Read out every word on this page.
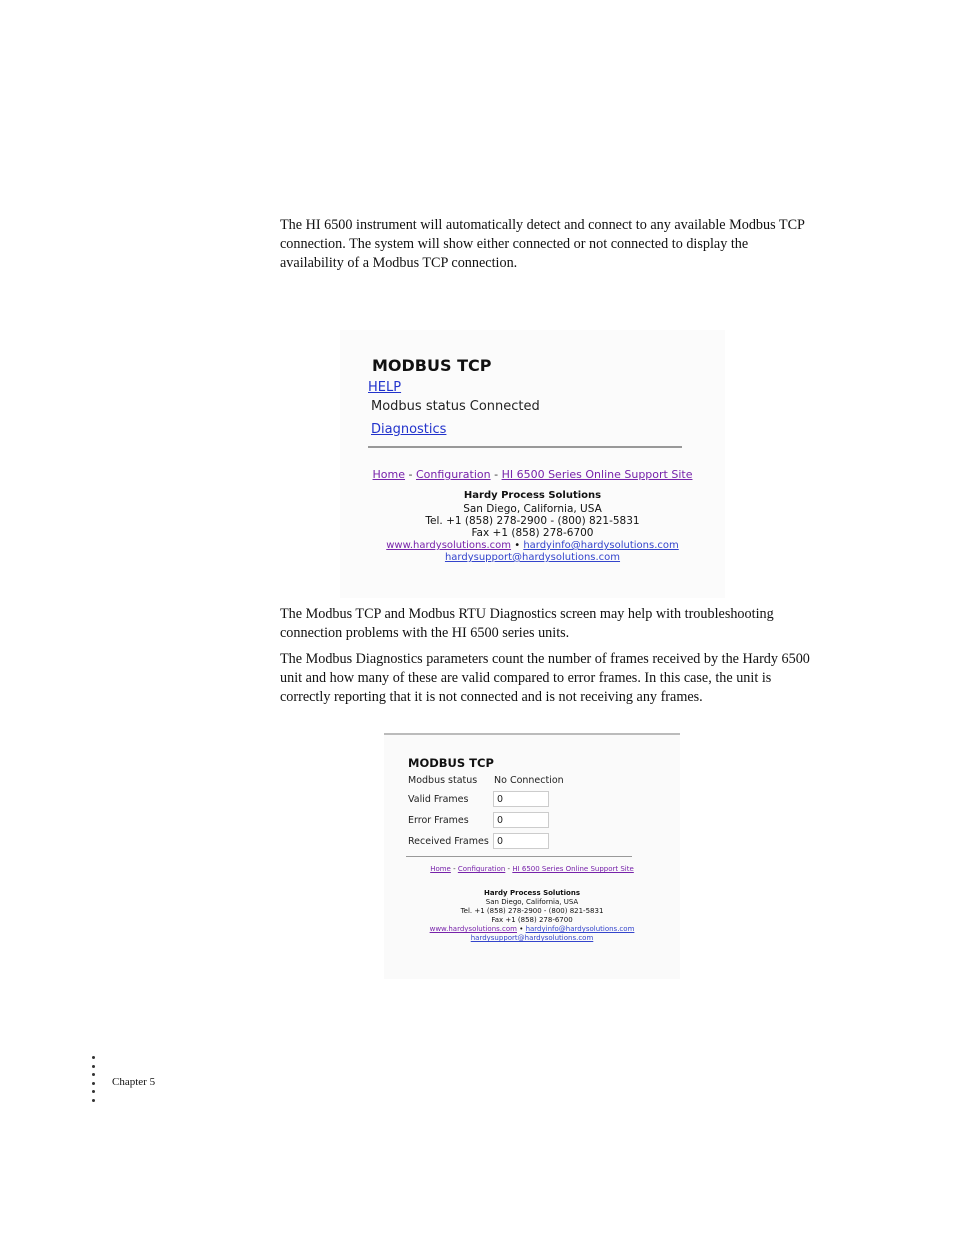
The HI 6500 instrument will automatically detect and connect to any available Modbus TCP connection. The system will show either connected or not connected to display the availability of a Modbus TCP connection.

MODBUS TCP
HELP
Modbus status Connected
Diagnostics
Home - Configuration - HI 6500 Series Online Support Site
Hardy Process Solutions
San Diego, California, USA
Tel. +1 (858) 278-2900 - (800) 821-5831
Fax +1 (858) 278-6700
www.hardysolutions.com • hardyinfo@hardysolutions.com
hardysupport@hardysolutions.com

The Modbus TCP and Modbus RTU Diagnostics screen may help with troubleshooting connection problems with the HI 6500 series units.

The Modbus Diagnostics parameters count the number of frames received by the Hardy 6500 unit and how many of these are valid compared to error frames. In this case, the unit is correctly reporting that it is not connected and is not receiving any frames.

MODBUS TCP
Modbus status No Connection
Valid Frames	0
Error Frames	0
Received Frames 0
Home - Configuration - HI 6500 Series Online Support Site
Hardy Process Solutions
San Diego, California, USA
Tel. +1 (858) 278-2900 - (800) 821-5831
Fax +1 (858) 278-6700
www.hardysolutions.com • hardyinfo@hardysolutions.com
hardysupport@hardysolutions.com
Chapter 5
